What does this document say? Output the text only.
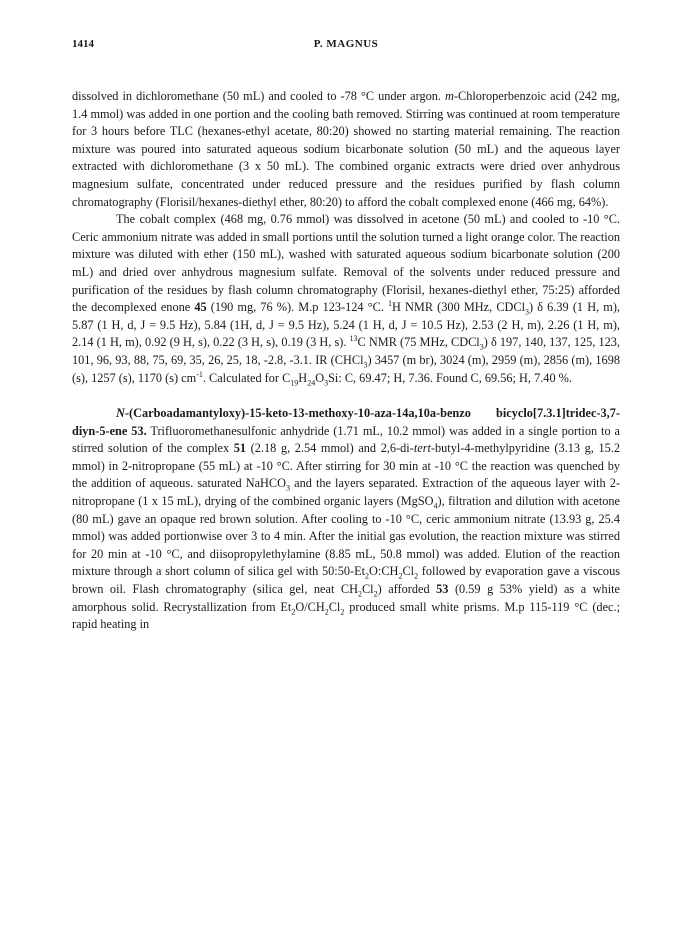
1414	P. MAGNUS

dissolved in dichloromethane (50 mL) and cooled to -78 °C under argon. m-Chloroperbenzoic acid (242 mg, 1.4 mmol) was added in one portion and the cooling bath removed. Stirring was continued at room temperature for 3 hours before TLC (hexanes-ethyl acetate, 80:20) showed no starting material remaining. The reaction mixture was poured into saturated aqueous sodium bicarbonate solution (50 mL) and the aqueous layer extracted with dichloromethane (3 x 50 mL). The combined organic extracts were dried over anhydrous magnesium sulfate, concentrated under reduced pressure and the residues purified by flash column chromatography (Florisil/hexanes-diethyl ether, 80:20) to afford the cobalt complexed enone (466 mg, 64%).

The cobalt complex (468 mg, 0.76 mmol) was dissolved in acetone (50 mL) and cooled to -10 °C. Ceric ammonium nitrate was added in small portions until the solution turned a light orange color. The reaction mixture was diluted with ether (150 mL), washed with saturated aqueous sodium bicarbonate solution (200 mL) and dried over anhydrous magnesium sulfate. Removal of the solvents under reduced pressure and purification of the residues by flash column chromatography (Florisil, hexanes-diethyl ether, 75:25) afforded the decomplexed enone 45 (190 mg, 76 %). M.p 123-124 °C. $^1$H NMR (300 MHz, CDCl$_3$) δ 6.39 (1 H, m), 5.87 (1 H, d, J = 9.5 Hz), 5.84 (1H, d, J = 9.5 Hz), 5.24 (1 H, d, J = 10.5 Hz), 2.53 (2 H, m), 2.26 (1 H, m), 2.14 (1 H, m), 0.92 (9 H, s), 0.22 (3 H, s), 0.19 (3 H, s). $^{13}$C NMR (75 MHz, CDCl$_3$) δ 197, 140, 137, 125, 123, 101, 96, 93, 88, 75, 69, 35, 26, 25, 18, -2.8, -3.1. IR (CHCl$_3$) 3457 (m br), 3024 (m), 2959 (m), 2856 (m), 1698 (s), 1257 (s), 1170 (s) $cm^{-1}$. Calculated for $C_{19}H_{24}O_3Si$: C, 69.47; H, 7.36. Found C, 69.56; H, 7.40 %.

N-(Carboadamantyloxy)-15-keto-13-methoxy-10-aza-14a,10a-benzo bicyclo[7.3.1]tridec-3,7-diyn-5-ene 53. Trifluoromethanesulfonic anhydride (1.71 mL, 10.2 mmol) was added in a single portion to a stirred solution of the complex 51 (2.18 g, 2.54 mmol) and 2,6-di-tert-butyl-4-methylpyridine (3.13 g, 15.2 mmol) in 2-nitropropane (55 mL) at -10 °C. After stirring for 30 min at -10 °C the reaction was quenched by the addition of aqueous. saturated NaHCO$_3$ and the layers separated. Extraction of the aqueous layer with 2-nitropropane (1 x 15 mL), drying of the combined organic layers (MgSO$_4$), filtration and dilution with acetone (80 mL) gave an opaque red brown solution. After cooling to -10 °C, ceric ammonium nitrate (13.93 g, 25.4 mmol) was added portionwise over 3 to 4 min. After the initial gas evolution, the reaction mixture was stirred for 20 min at -10 °C, and diisopropylethylamine (8.85 mL, 50.8 mmol) was added. Elution of the reaction mixture through a short column of silica gel with $50:50-Et_2O:CH_2Cl_2$ followed by evaporation gave a viscous brown oil. Flash chromatography (silica gel, neat $CH_2Cl_2$) afforded 53 (0.59 g 53% yield) as a white amorphous solid. Recrystallization from $Et_2O/CH_2Cl_2$ produced small white prisms. M.p 115-119 °C (dec.; rapid heating in
